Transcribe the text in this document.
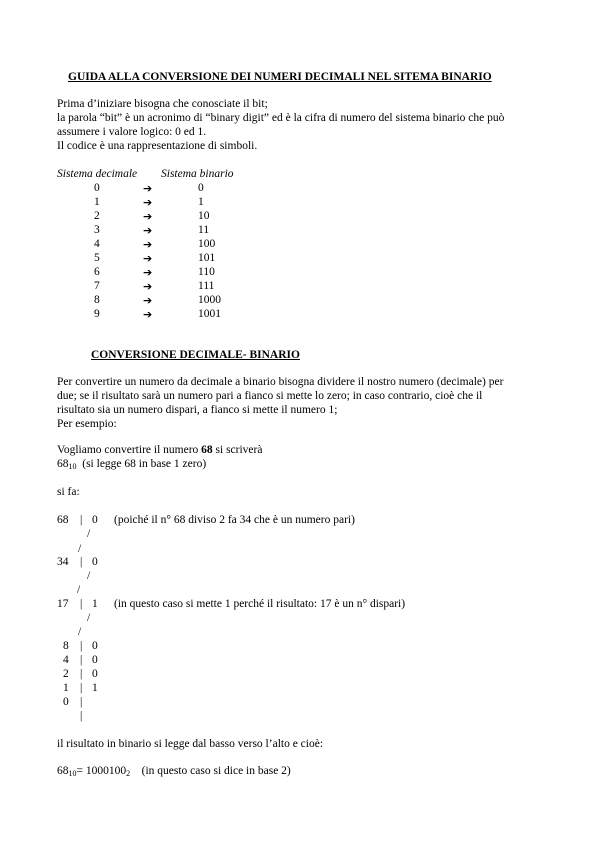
GUIDA ALLA CONVERSIONE DEI NUMERI DECIMALI NEL SITEMA BINARIO
Prima d’iniziare bisogna che conosciate il bit;
la parola “bit” è un acronimo di “binary digit” ed è la cifra di numero del sistema binario che può
assumere i valore logico: 0 ed 1.
Il codice è una rappresentazione di simboli.
Sistema decimale Sistema binario
0	➔	0
1	➔	1
2	➔	10
3	➔	11
4	➔	100
5	➔	101
6	➔	110
7	➔	111
8	➔	1000
9	➔	1001
CONVERSIONE DECIMALE- BINARIO
Per convertire un numero da decimale a binario bisogna dividere il nostro numero (decimale) per
due; se il risultato sarà un numero pari a fianco si mette lo zero; in caso contrario, cioè che il
risultato sia un numero dispari, a fianco si mette il numero 1;
Per esempio:
Vogliamo convertire il numero 68 si scriverà
$68_{10}$ (si legge 68 in base 1 zero)
si fa:
68 | 0 (poiché il n° 68 diviso 2 fa 34 che è un numero pari)
/
/
34 | 0
/
/
17 | 1 (in questo caso si mette 1 perché il risultato: 17 è un n° dispari)
/
/
8 | 0
4 | 0
2 | 0
1 | 1
0 |
|
il risultato in binario si legge dal basso verso l’alto e cioè:
$68_{10}= 1000100_2$ (in questo caso si dice in base 2)
